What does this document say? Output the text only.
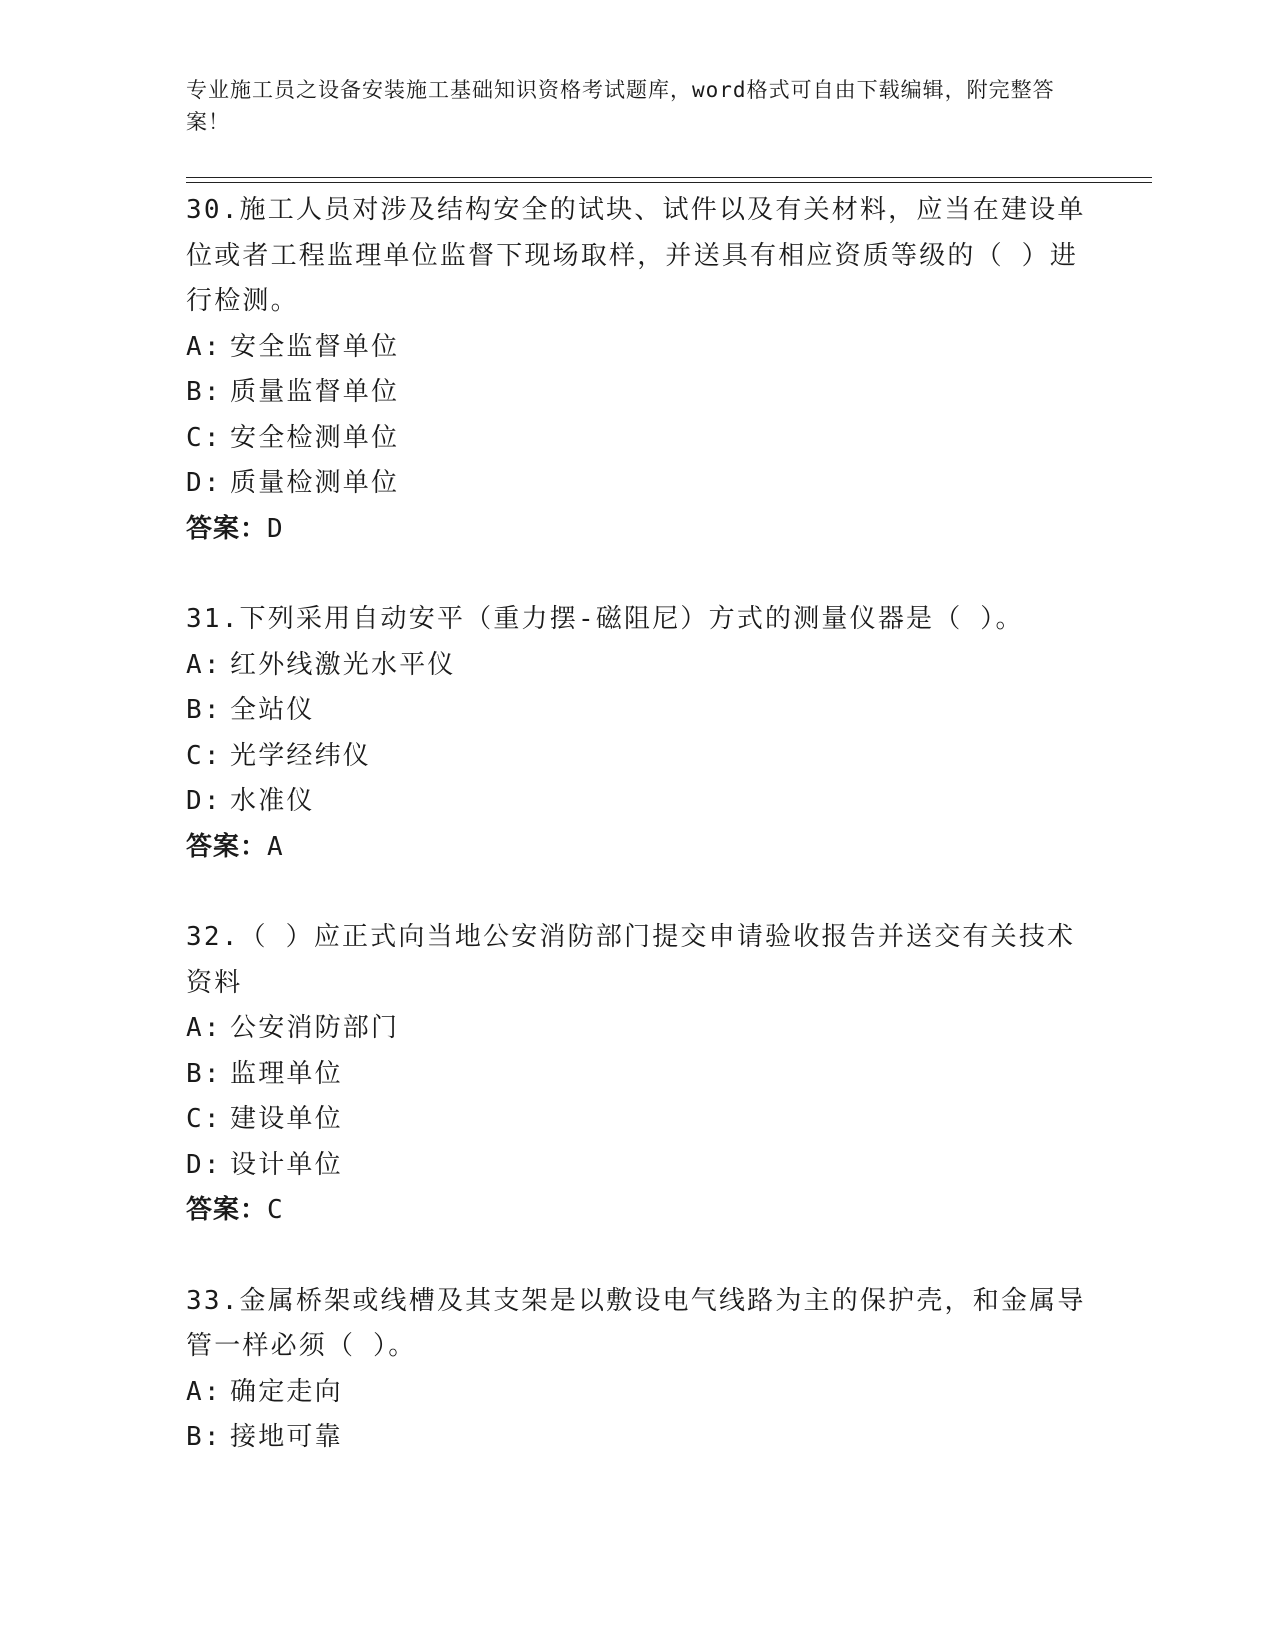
专业施工员之设备安装施工基础知识资格考试题库，word格式可自由下载编辑，附完整答案！

30.施工人员对涉及结构安全的试块、试件以及有关材料，应当在建设单位或者工程监理单位监督下现场取样，并送具有相应资质等级的（ ）进行检测。

A: 安全监督单位

B: 质量监督单位

C: 安全检测单位

D: 质量检测单位

答案：D

31.下列采用自动安平（重力摆-磁阻尼）方式的测量仪器是（ ）。

A: 红外线激光水平仪

B: 全站仪

C: 光学经纬仪

D: 水准仪

答案：A

32.（ ）应正式向当地公安消防部门提交申请验收报告并送交有关技术资料

A: 公安消防部门

B: 监理单位

C: 建设单位

D: 设计单位

答案：C

33.金属桥架或线槽及其支架是以敷设电气线路为主的保护壳，和金属导管一样必须（ ）。

A: 确定走向

B: 接地可靠
